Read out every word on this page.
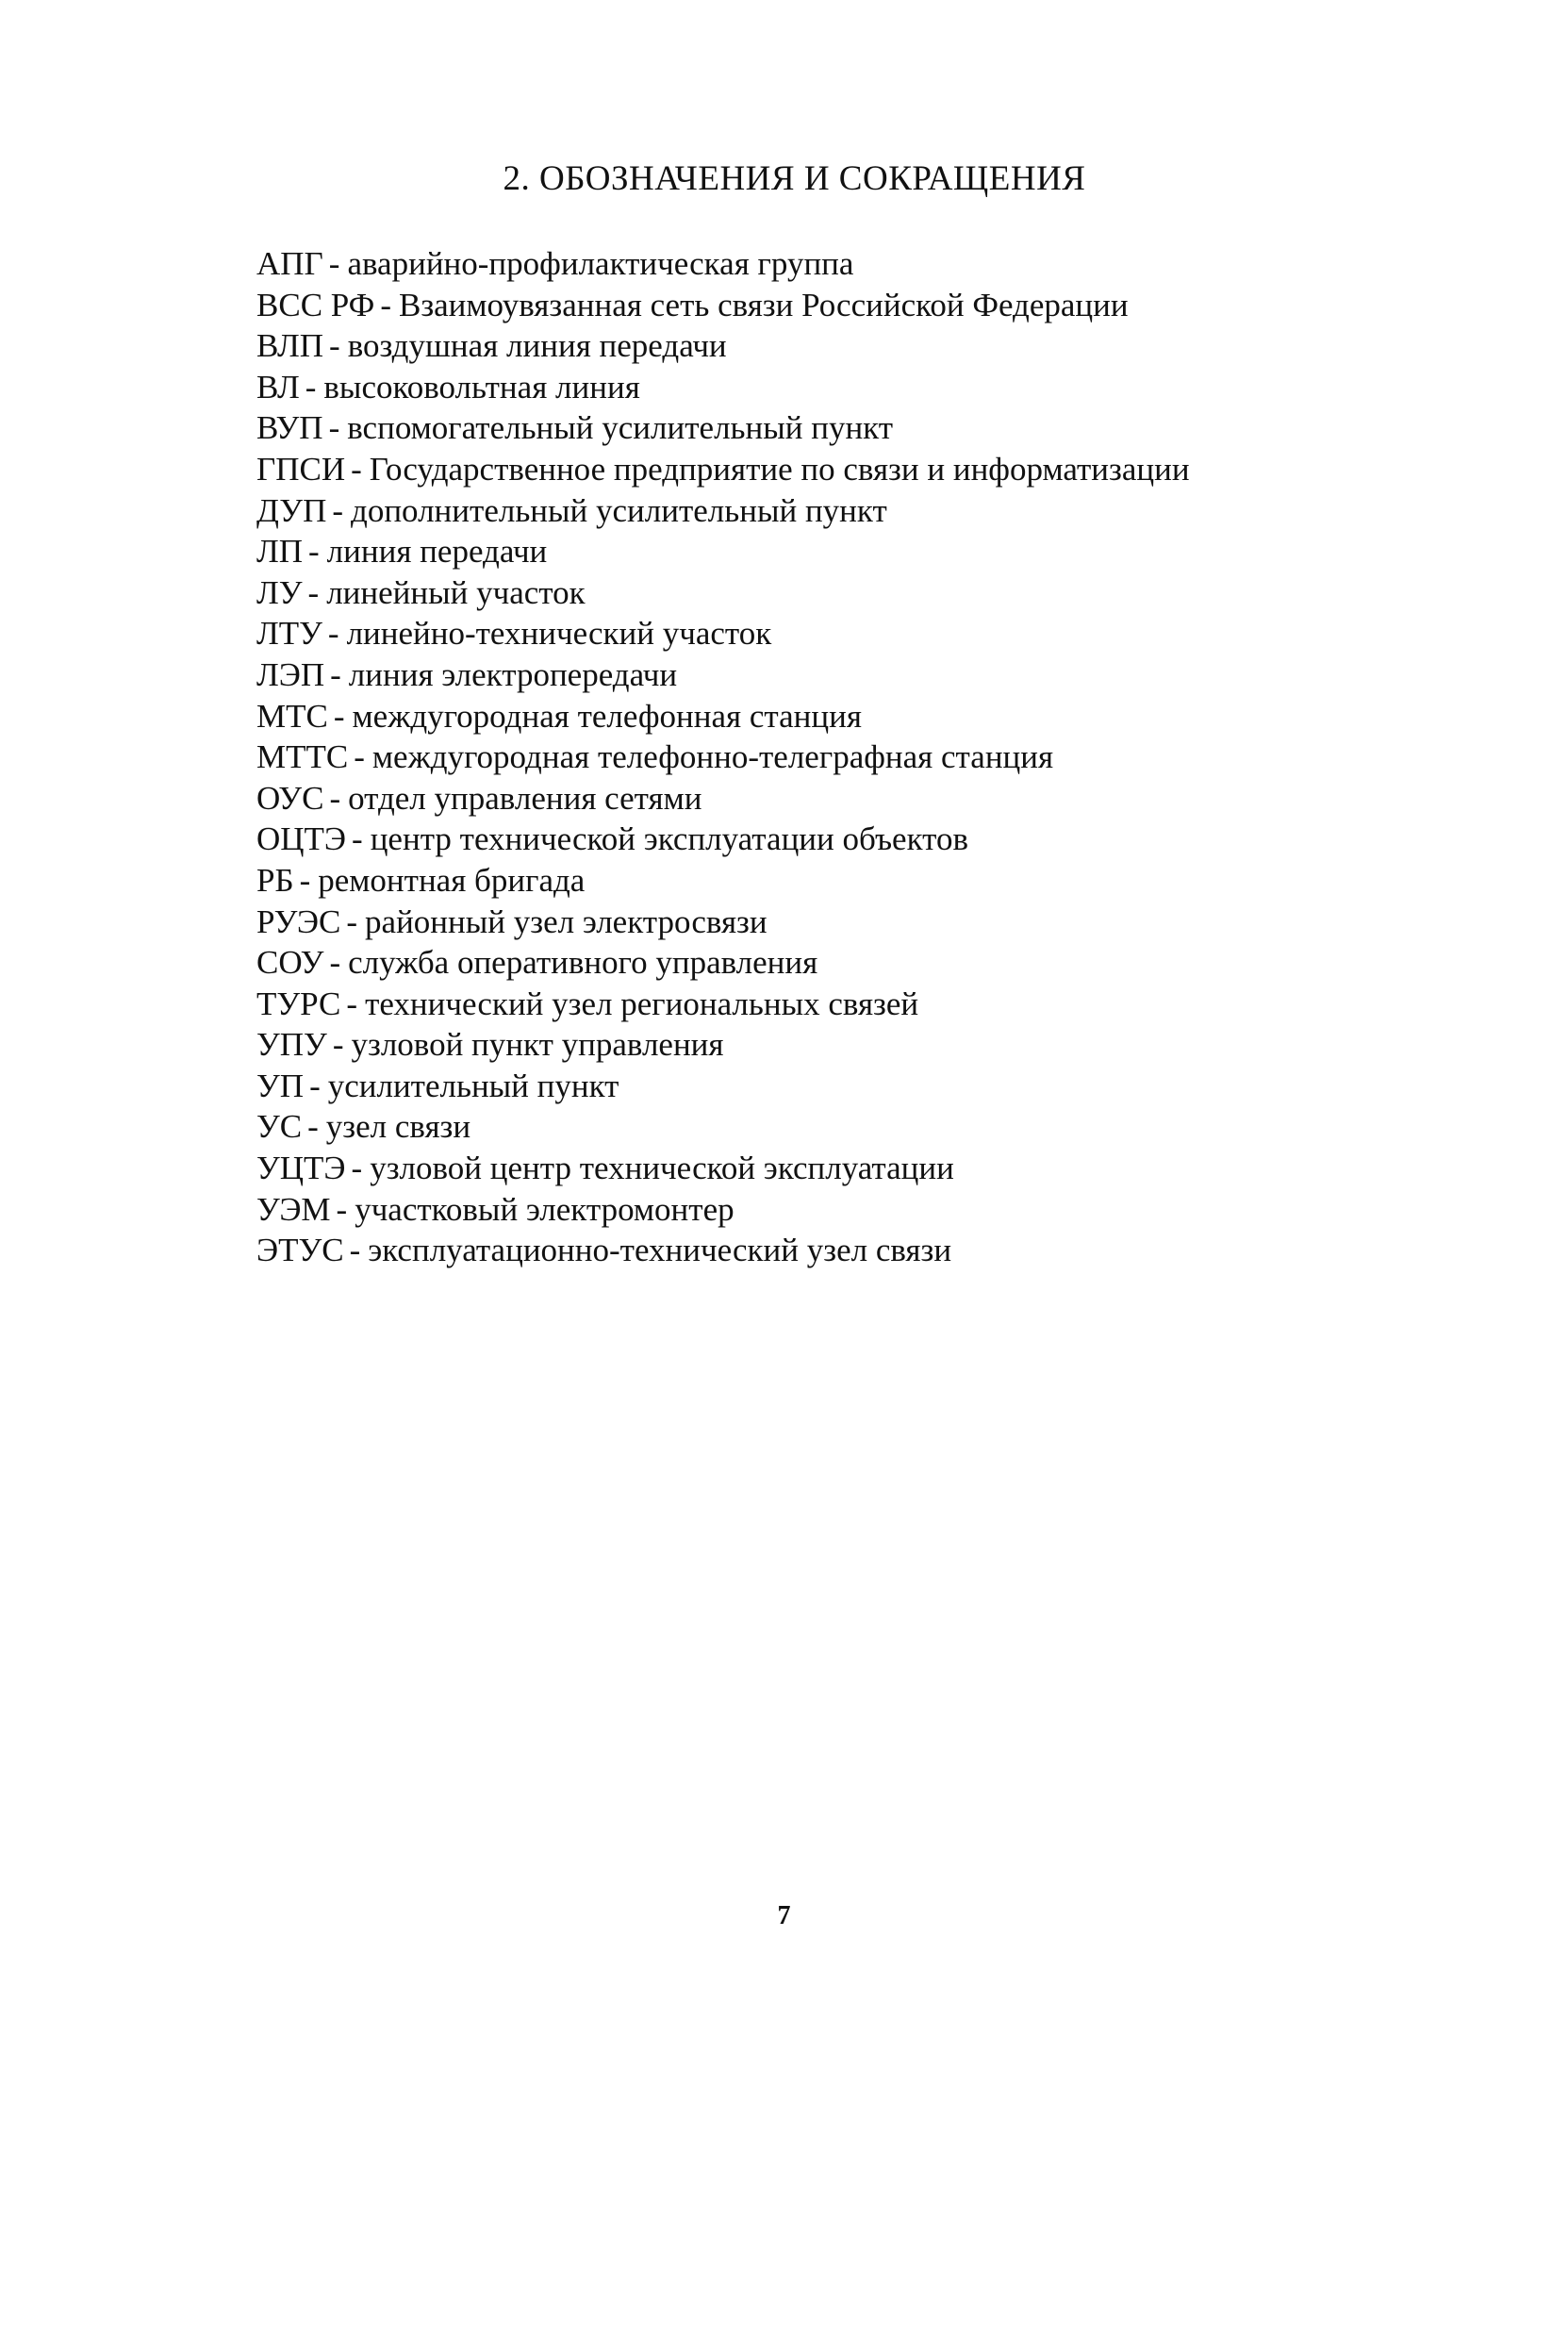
2. ОБОЗНАЧЕНИЯ И СОКРАЩЕНИЯ
АПГ - аварийно-профилактическая группа
ВСС РФ - Взаимоувязанная сеть связи Российской Федерации
ВЛП - воздушная линия передачи
ВЛ - высоковольтная линия
ВУП - вспомогательный усилительный пункт
ГПСИ - Государственное предприятие по связи и информатизации
ДУП - дополнительный усилительный пункт
ЛП - линия передачи
ЛУ - линейный участок
ЛТУ - линейно-технический участок
ЛЭП - линия электропередачи
МТС - междугородная телефонная станция
МТТС - междугородная телефонно-телеграфная станция
ОУС - отдел управления сетями
ОЦТЭ - центр технической эксплуатации объектов
РБ - ремонтная бригада
РУЭС - районный узел электросвязи
СОУ - служба оперативного управления
ТУРС - технический узел региональных связей
УПУ - узловой пункт управления
УП - усилительный пункт
УС - узел связи
УЦТЭ - узловой центр технической эксплуатации
УЭМ - участковый электромонтер
ЭТУС - эксплуатационно-технический узел связи
7
